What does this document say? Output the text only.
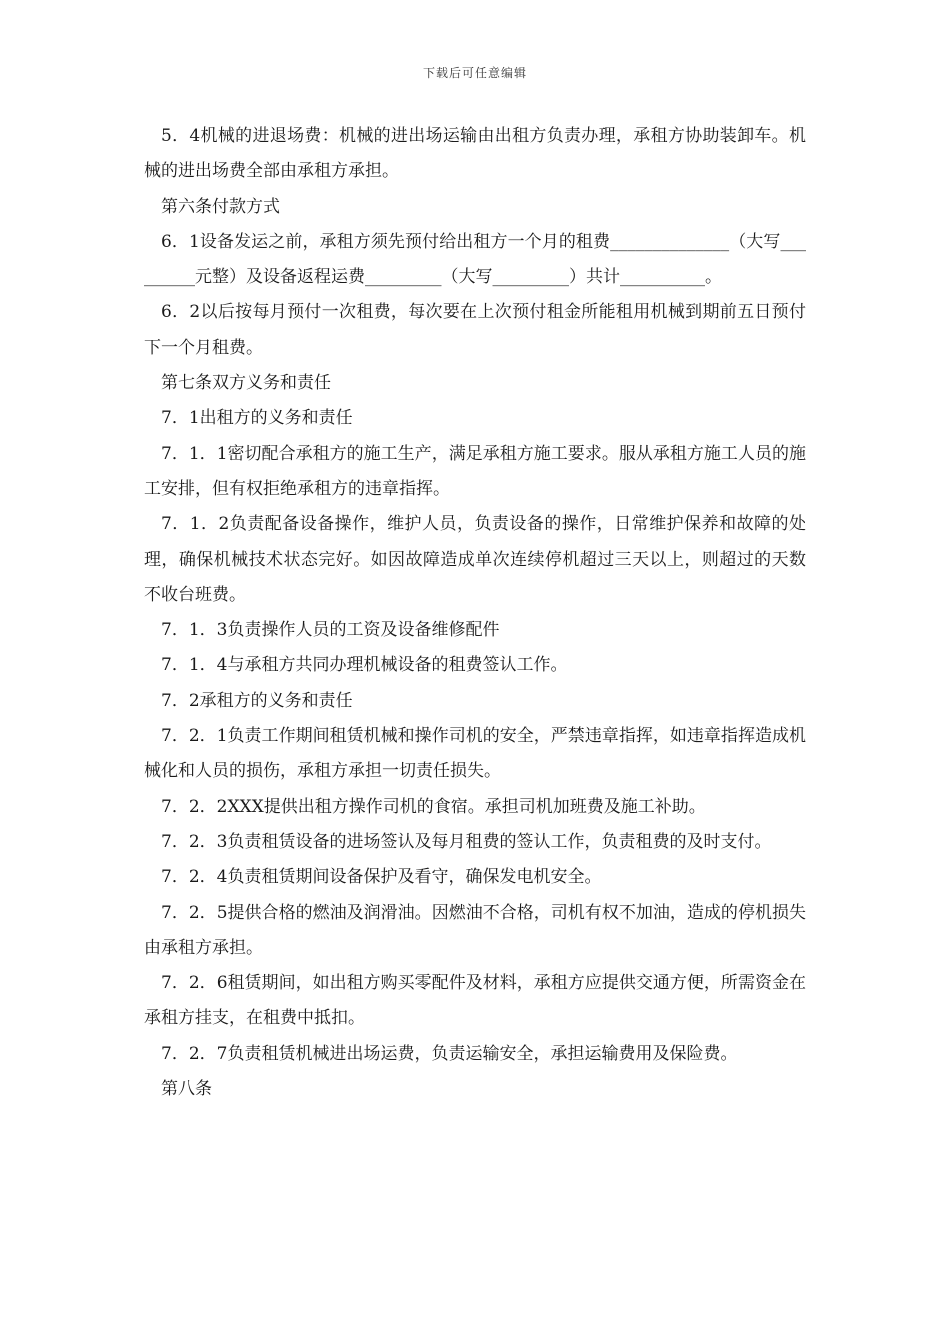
下载后可任意编辑

5．4机械的进退场费：机械的进出场运输由出租方负责办理，承租方协助装卸车。机械的进出场费全部由承租方承担。

第六条付款方式

6．1设备发运之前，承租方须先预付给出租方一个月的租费______________（大写_________元整）及设备返程运费_________（大写_________）共计__________。

6．2以后按每月预付一次租费，每次要在上次预付租金所能租用机械到期前五日预付下一个月租费。

第七条双方义务和责任

7．1出租方的义务和责任

7．1．1密切配合承租方的施工生产，满足承租方施工要求。服从承租方施工人员的施工安排，但有权拒绝承租方的违章指挥。

7．1．2负责配备设备操作，维护人员，负责设备的操作，日常维护保养和故障的处理，确保机械技术状态完好。如因故障造成单次连续停机超过三天以上，则超过的天数不收台班费。

7．1．3负责操作人员的工资及设备维修配件

7．1．4与承租方共同办理机械设备的租费签认工作。

7．2承租方的义务和责任

7．2．1负责工作期间租赁机械和操作司机的安全，严禁违章指挥，如违章指挥造成机械化和人员的损伤，承租方承担一切责任损失。

7．2．2XXX提供出租方操作司机的食宿。承担司机加班费及施工补助。

7．2．3负责租赁设备的进场签认及每月租费的签认工作，负责租费的及时支付。

7．2．4负责租赁期间设备保护及看守，确保发电机安全。

7．2．5提供合格的燃油及润滑油。因燃油不合格，司机有权不加油，造成的停机损失由承租方承担。

7．2．6租赁期间，如出租方购买零配件及材料，承租方应提供交通方便，所需资金在承租方挂支，在租费中抵扣。

7．2．7负责租赁机械进出场运费，负责运输安全，承担运输费用及保险费。

第八条
